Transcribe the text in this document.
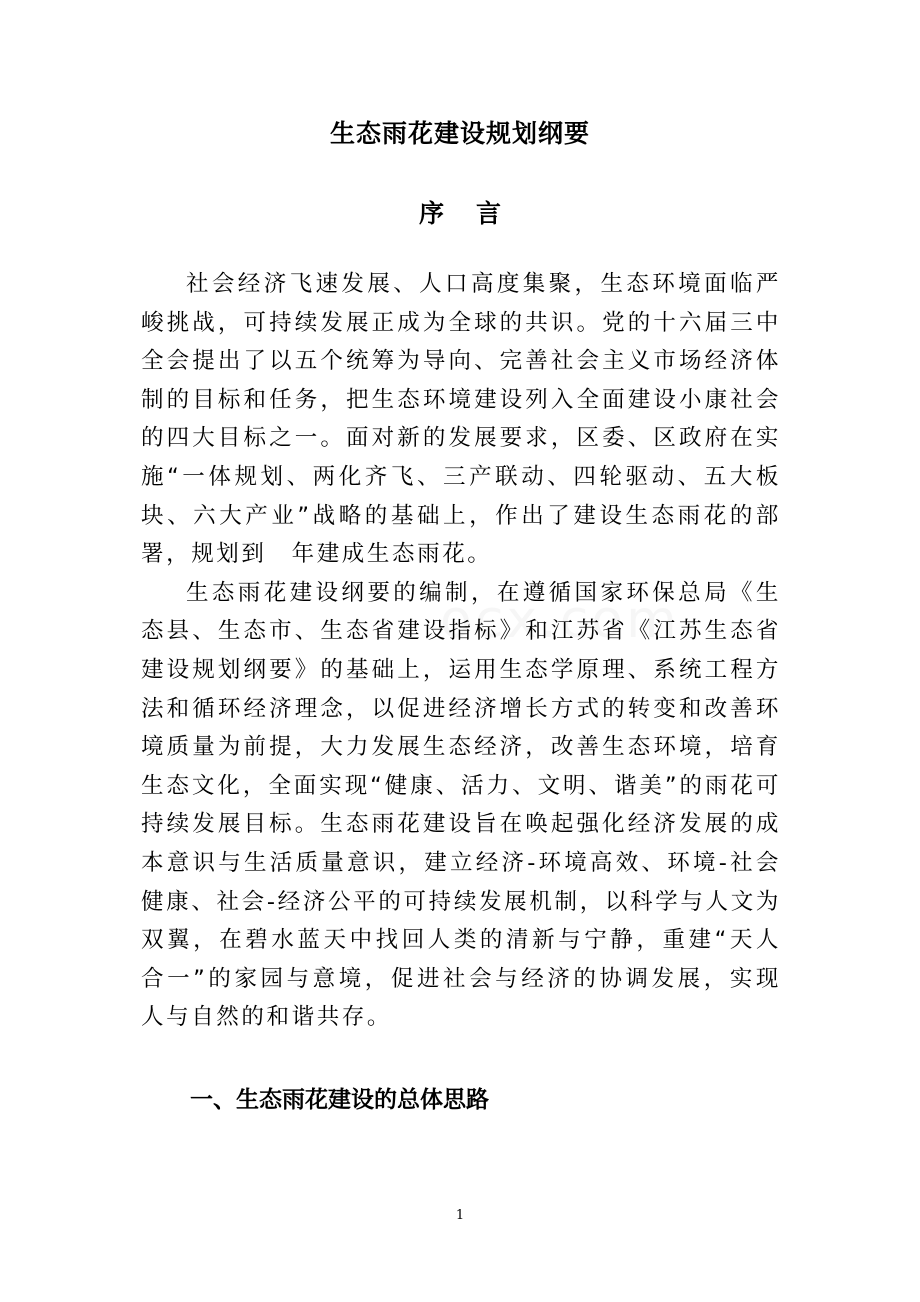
生态雨花建设规划纲要
序 言

社会经济飞速发展、人口高度集聚，生态环境面临严峻挑战，可持续发展正成为全球的共识。党的十六届三中全会提出了以五个统筹为导向、完善社会主义市场经济体制的目标和任务，把生态环境建设列入全面建设小康社会的四大目标之一。面对新的发展要求，区委、区政府在实施“一体规划、两化齐飞、三产联动、四轮驱动、五大板块、六大产业”战略的基础上，作出了建设生态雨花的部署，规划到　年建成生态雨花。

生态雨花建设纲要的编制，在遵循国家环保总局《生态县、生态市、生态省建设指标》和江苏省《江苏生态省建设规划纲要》的基础上，运用生态学原理、系统工程方法和循环经济理念，以促进经济增长方式的转变和改善环境质量为前提，大力发展生态经济，改善生态环境，培育生态文化，全面实现“健康、活力、文明、谐美”的雨花可持续发展目标。生态雨花建设旨在唤起强化经济发展的成本意识与生活质量意识，建立经济-环境高效、环境-社会健康、社会-经济公平的可持续发展机制，以科学与人文为双翼，在碧水蓝天中找回人类的清新与宁静，重建“天人合一”的家园与意境，促进社会与经济的协调发展，实现人与自然的和谐共存。

一、生态雨花建设的总体思路
1
